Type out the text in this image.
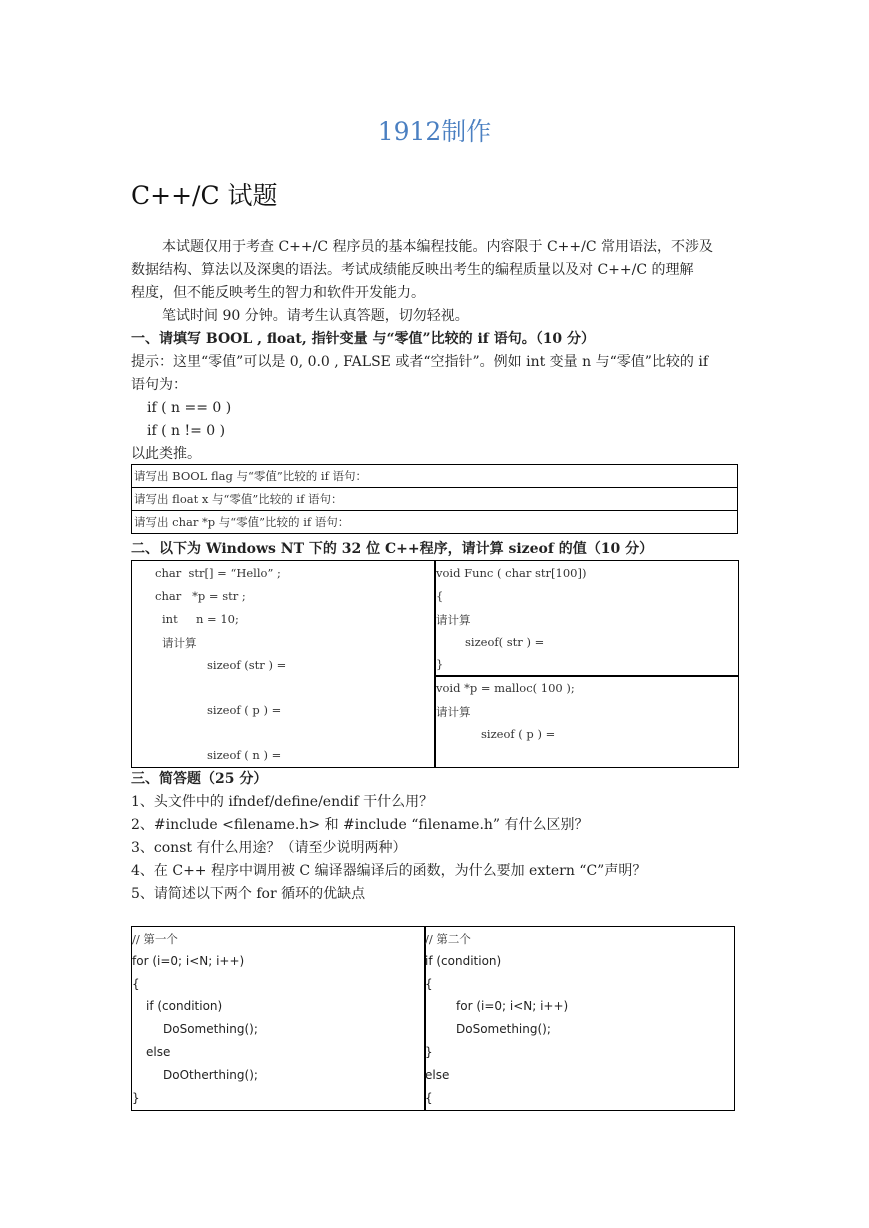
1912制作
C++/C 试题
本试题仅用于考查 C++/C 程序员的基本编程技能。内容限于 C++/C 常用语法，不涉及
数据结构、算法以及深奥的语法。考试成绩能反映出考生的编程质量以及对 C++/C 的理解
程度，但不能反映考生的智力和软件开发能力。
笔试时间 90 分钟。请考生认真答题，切勿轻视。
一、请填写 BOOL , float, 指针变量 与“零值”比较的 if 语句。（10 分）
提示：这里“零值”可以是 0, 0.0 , FALSE 或者“空指针”。例如 int 变量 n 与“零值”比较的 if
语句为：
if ( n == 0 )
if ( n != 0 )
以此类推。
请写出 BOOL flag 与“零值”比较的 if 语句：
请写出 float x 与“零值”比较的 if 语句：
请写出 char *p 与“零值”比较的 if 语句：
二、以下为 Windows NT 下的 32 位 C++程序，请计算 sizeof 的值（10 分）
char  str[] = “Hello” ;
char   *p = str ;
int     n = 10;
请计算
sizeof (str ) =
sizeof ( p ) =
sizeof ( n ) =
void Func ( char str[100])
{
请计算
sizeof( str ) =
}
void *p = malloc( 100 );
请计算
sizeof ( p ) =
三、简答题（25 分）
1、头文件中的 ifndef/define/endif 干什么用？
2、#include <filename.h> 和 #include “filename.h” 有什么区别？
3、const 有什么用途？（请至少说明两种）
4、在 C++ 程序中调用被 C 编译器编译后的函数，为什么要加 extern “C”声明？
5、请简述以下两个 for 循环的优缺点
// 第一个
for (i=0; i<N; i++)
{
if (condition)
DoSomething();
else
DoOtherthing();
}
// 第二个
if (condition)
{
for (i=0; i<N; i++)
DoSomething();
}
else
{
